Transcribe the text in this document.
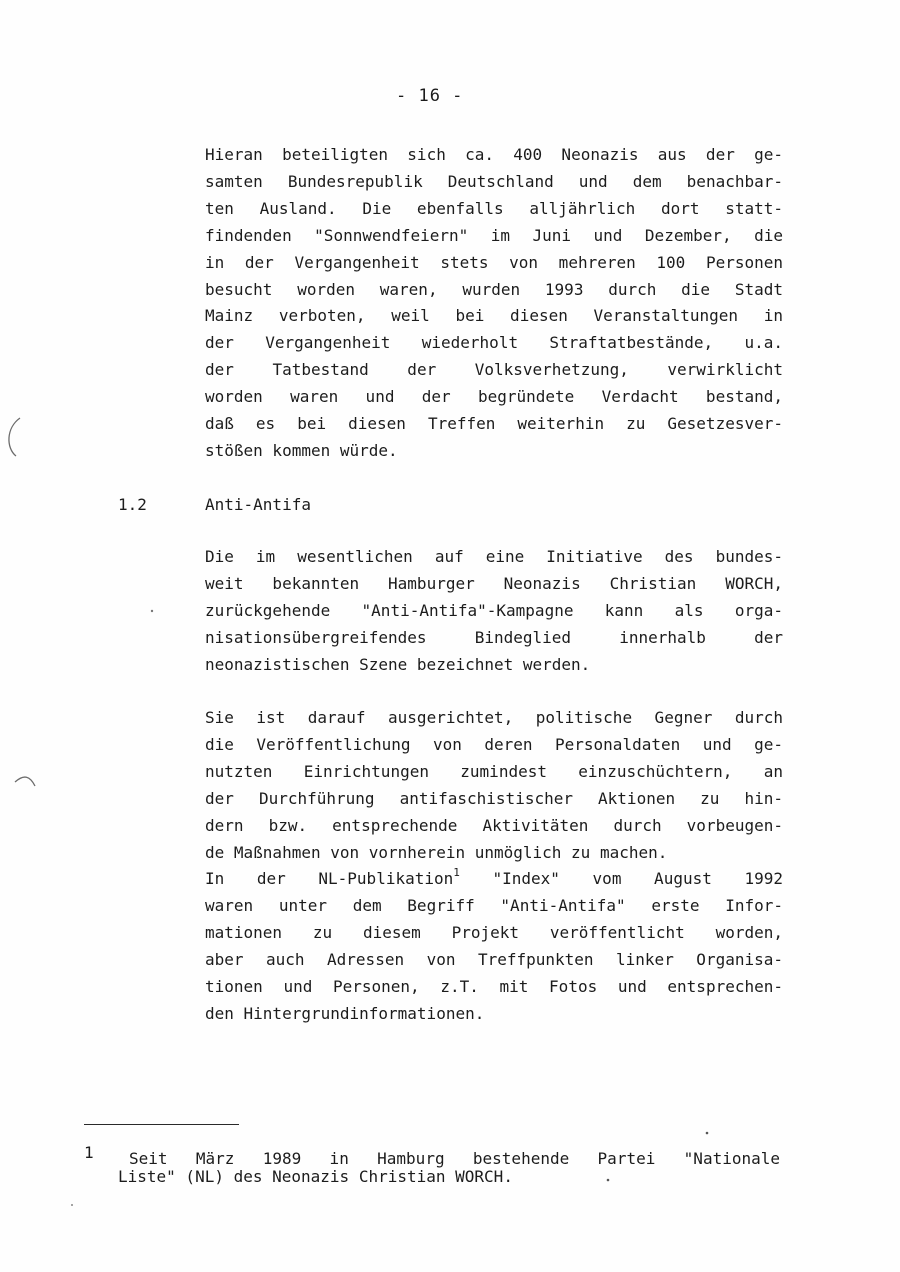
- 16 -
Hieran beteiligten sich ca. 400 Neonazis aus der ge-
samten Bundesrepublik Deutschland und dem benachbar-
ten Ausland. Die ebenfalls alljährlich dort statt-
findenden "Sonnwendfeiern" im Juni und Dezember, die
in der Vergangenheit stets von mehreren 100 Personen
besucht worden waren, wurden 1993 durch die Stadt
Mainz verboten, weil bei diesen Veranstaltungen in
der Vergangenheit wiederholt Straftatbestände, u.a.
der Tatbestand der Volksverhetzung, verwirklicht
worden waren und der begründete Verdacht bestand,
daß es bei diesen Treffen weiterhin zu Gesetzesver-
stößen kommen würde.
1.2	Anti-Antifa
Die im wesentlichen auf eine Initiative des bundes-
weit bekannten Hamburger Neonazis Christian WORCH,
zurückgehende "Anti-Antifa"-Kampagne kann als orga-
nisationsübergreifendes Bindeglied innerhalb der
neonazistischen Szene bezeichnet werden.
Sie ist darauf ausgerichtet, politische Gegner durch
die Veröffentlichung von deren Personaldaten und ge-
nutzten Einrichtungen zumindest einzuschüchtern, an
der Durchführung antifaschistischer Aktionen zu hin-
dern bzw. entsprechende Aktivitäten durch vorbeugen-
de Maßnahmen von vornherein unmöglich zu machen.
In der NL-Publikation$^1$ "Index" vom August 1992
waren unter dem Begriff "Anti-Antifa" erste Infor-
mationen zu diesem Projekt veröffentlicht worden,
aber auch Adressen von Treffpunkten linker Organisa-
tionen und Personen, z.T. mit Fotos und entsprechen-
den Hintergrundinformationen.
1 Seit März 1989 in Hamburg bestehende Partei "Nationale
Liste" (NL) des Neonazis Christian WORCH.
